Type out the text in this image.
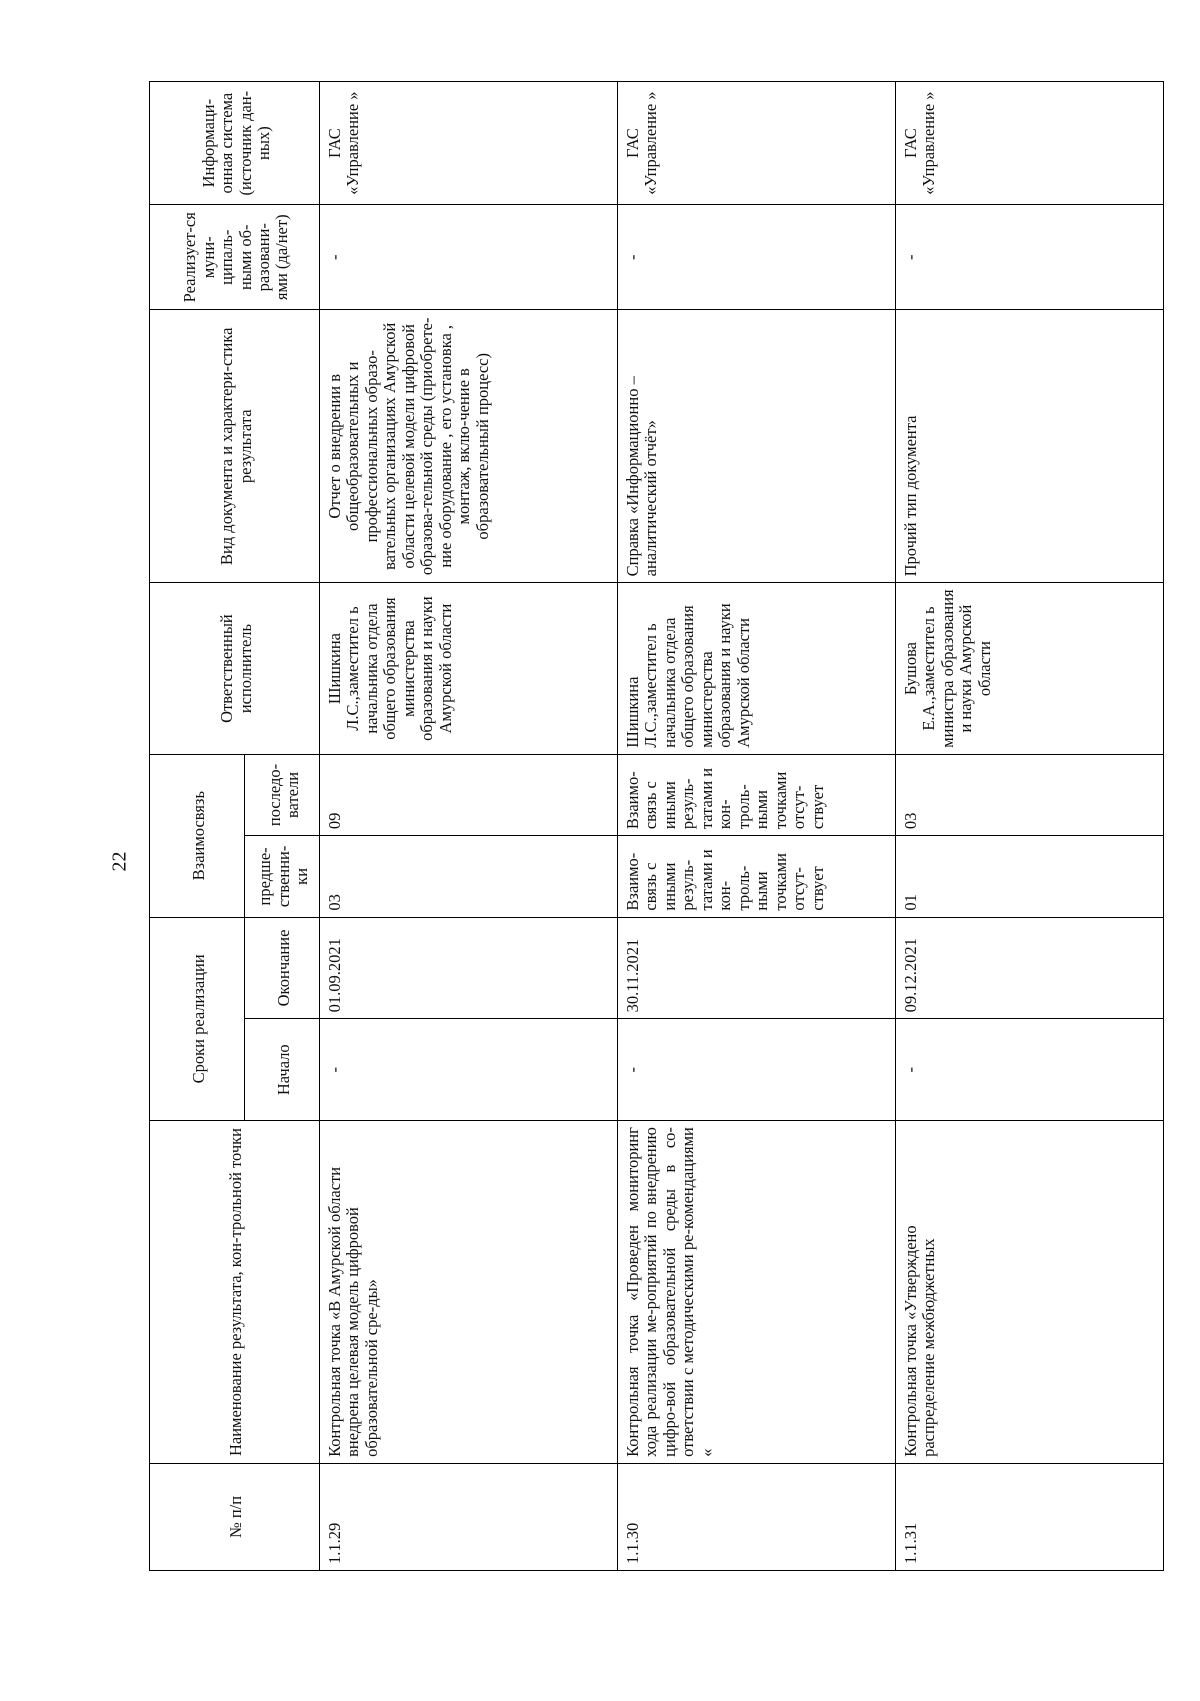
22
№ п/п	Наименование результата, кон-трольной точки	Сроки реализации		Взаимосвязь		Ответственный исполнитель	Вид документа и характери-стика результата	Реализует-ся муни-ципаль-ными об-разовани-ями (да/нет)	Информаци-онная система (источник дан-ных)
		Начало	Окончание	предше-ственни-ки	последо-ватели				
1.1.29	Контрольная точка «В Амурской области внедрена целевая модель цифровой образовательной сре-ды»	-	01.09.2021	03	09	Шишкина Л.С.,заместител ь начальника отдела общего образования министерства образования и науки Амурской области	Отчет о внедрении в общеобразовательных и профессиональных образо-вательных организациях Амурской области целевой модели цифровой образова-тельной среды (приобрете-ние оборудование , его установка , монтаж, вклю-чение в образовательный процесс)	-	ГАС «Управление »
1.1.30	Контрольная точка «Проведен мониторинг хода реализации ме-роприятий по внедрению цифро-вой образовательной среды в со-ответствии с методическими ре-комендациями «	-	30.11.2021	Взаимо-связь с иными резуль-татами и кон-троль-ными точками отсут-ствует	Взаимо-связь с иными резуль-татами и кон-троль-ными точками отсут-ствует	Шишкина Л.С.,заместител ь начальника отдела общего образования министерства образования и науки Амурской области	Справка «Информационно – аналитический отчёт»	-	ГАС «Управление »
1.1.31	Контрольная точка «Утверждено распределение межбюджетных	-	09.12.2021	01	03	Бушова Е.А.,заместител ь министра образования и науки Амурской области	Прочий тип документа	-	ГАС «Управление »
